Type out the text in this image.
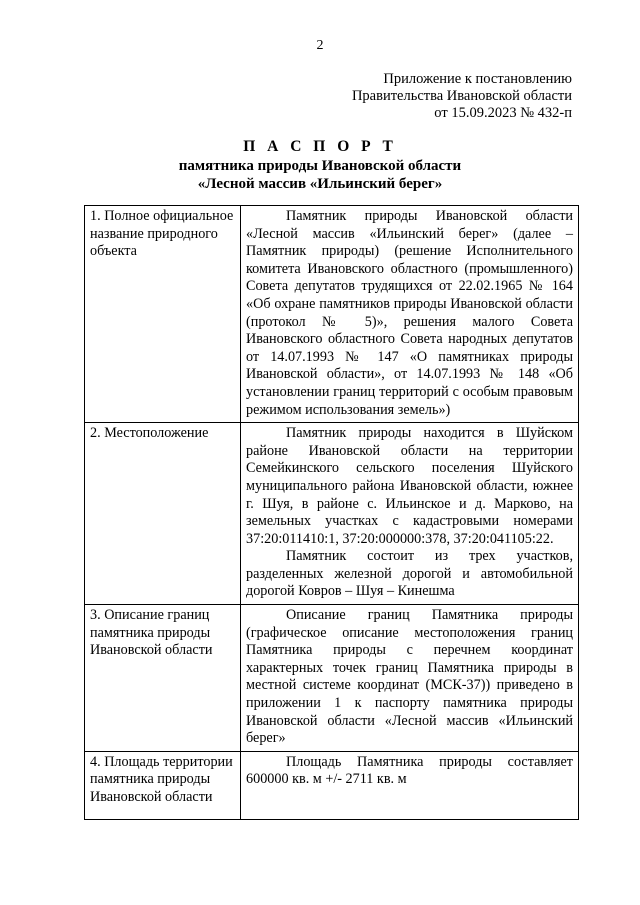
2
Приложение к постановлению
Правительства Ивановской области
от 15.09.2023 № 432-п
П А С П О Р Т
памятника природы Ивановской области
«Лесной массив «Ильинский берег»
1. Полное официальное название природного объекта	Памятник природы Ивановской области «Лесной массив «Ильинский берег» (далее – Памятник природы) (решение Исполнительного комитета Ивановского областного (промышленного) Совета депутатов трудящихся от 22.02.1965 № 164 «Об охране памятников природы Ивановской области (протокол № 5)», решения малого Совета Ивановского областного Совета народных депутатов от 14.07.1993 № 147 «О памятниках природы Ивановской области», от 14.07.1993 № 148 «Об установлении границ территорий с особым правовым режимом использования земель»)

2. Местоположение	Памятник природы находится в Шуйском районе Ивановской области на территории Семейкинского сельского поселения Шуйского муниципального района Ивановской области, южнее г. Шуя, в районе с. Ильинское и д. Марково, на земельных участках с кадастровыми номерами 37:20:011410:1, 37:20:000000:378, 37:20:041105:22.

Памятник состоит из трех участков, разделенных железной дорогой и автомобильной дорогой Ковров – Шуя – Кинешма

3. Описание границ памятника природы Ивановской области	Описание границ Памятника природы (графическое описание местоположения границ Памятника природы с перечнем координат характерных точек границ Памятника природы в местной системе координат (МСК-37)) приведено в приложении 1 к паспорту памятника природы Ивановской области «Лесной массив «Ильинский берег»

4. Площадь территории памятника природы Ивановской области	Площадь Памятника природы составляет 600000 кв. м +/- 2711 кв. м
